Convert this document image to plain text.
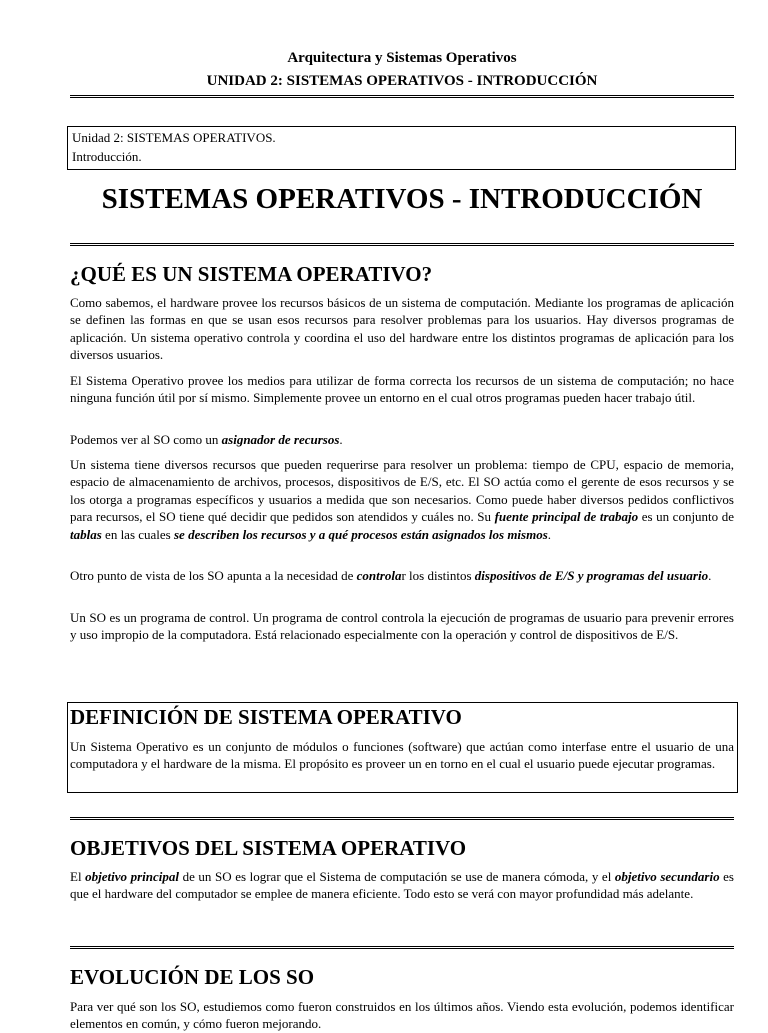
Arquitectura y Sistemas Operativos
UNIDAD 2: SISTEMAS OPERATIVOS - INTRODUCCIÓN
Unidad 2: SISTEMAS OPERATIVOS.
Introducción.
SISTEMAS OPERATIVOS - INTRODUCCIÓN
¿QUÉ ES UN SISTEMA OPERATIVO?

Como sabemos, el hardware provee los recursos básicos de un sistema de computación. Mediante los programas de aplicación se definen las formas en que se usan esos recursos para resolver problemas para los usuarios. Hay diversos programas de aplicación. Un sistema operativo controla y coordina el uso del hardware entre los distintos programas de aplicación para los diversos usuarios.

El Sistema Operativo provee los medios para utilizar de forma correcta los recursos de un sistema de computación; no hace ninguna función útil por sí mismo. Simplemente provee un entorno en el cual otros programas pueden hacer trabajo útil.

Podemos ver al SO como un asignador de recursos.

Un sistema tiene diversos recursos que pueden requerirse para resolver un problema: tiempo de CPU, espacio de memoria, espacio de almacenamiento de archivos, procesos, dispositivos de E/S, etc. El SO actúa como el gerente de esos recursos y se los otorga a programas específicos y usuarios a medida que son necesarios. Como puede haber diversos pedidos conflictivos para recursos, el SO tiene qué decidir que pedidos son atendidos y cuáles no. Su fuente principal de trabajo es un conjunto de tablas en las cuales se describen los recursos y a qué procesos están asignados los mismos.

Otro punto de vista de los SO apunta a la necesidad de controlar los distintos dispositivos de E/S y programas del usuario.

Un SO es un programa de control. Un programa de control controla la ejecución de programas de usuario para prevenir errores y uso impropio de la computadora. Está relacionado especialmente con la operación y control de dispositivos de E/S.

DEFINICIÓN DE SISTEMA OPERATIVO

Un Sistema Operativo es un conjunto de módulos o funciones (software) que actúan como interfase entre el usuario de una computadora y el hardware de la misma. El propósito es proveer un en torno en el cual el usuario puede ejecutar programas.

OBJETIVOS DEL SISTEMA OPERATIVO

El objetivo principal de un SO es lograr que el Sistema de computación se use de manera cómoda, y el objetivo secundario es que el hardware del computador se emplee de manera eficiente. Todo esto se verá con mayor profundidad más adelante.

EVOLUCIÓN DE LOS SO

Para ver qué son los SO, estudiemos como fueron construidos en los últimos años. Viendo esta evolución, podemos identificar elementos en común, y cómo fueron mejorando.
